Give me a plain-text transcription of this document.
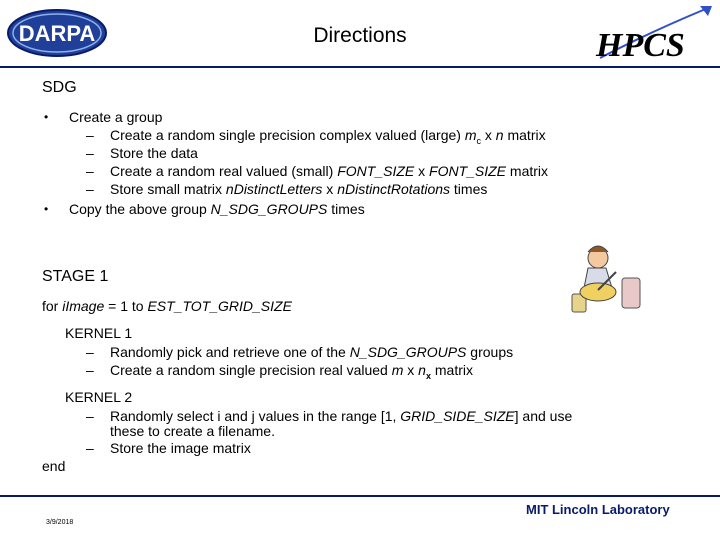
DARPA	HPCS
Directions
SDG
• Create a group
– Create a random single precision complex valued (large) $m_c$ x n matrix
– Store the data
– Create a random real valued (small) FONT_SIZE x FONT_SIZE matrix
– Store small matrix nDistinctLetters x nDistinctRotations times
• Copy the above group N_SDG_GROUPS times
STAGE 1
for iImage = 1 to EST_TOT_GRID_SIZE
KERNEL 1
– Randomly pick and retrieve one of the N_SDG_GROUPS groups
– Create a random single precision real valued m x $n_x$ matrix
KERNEL 2
– Randomly select i and j values in the range [1, GRID_SIDE_SIZE] and use
these to create a filename.
– Store the image matrix
end
MIT Lincoln Laboratory
3/9/2018
